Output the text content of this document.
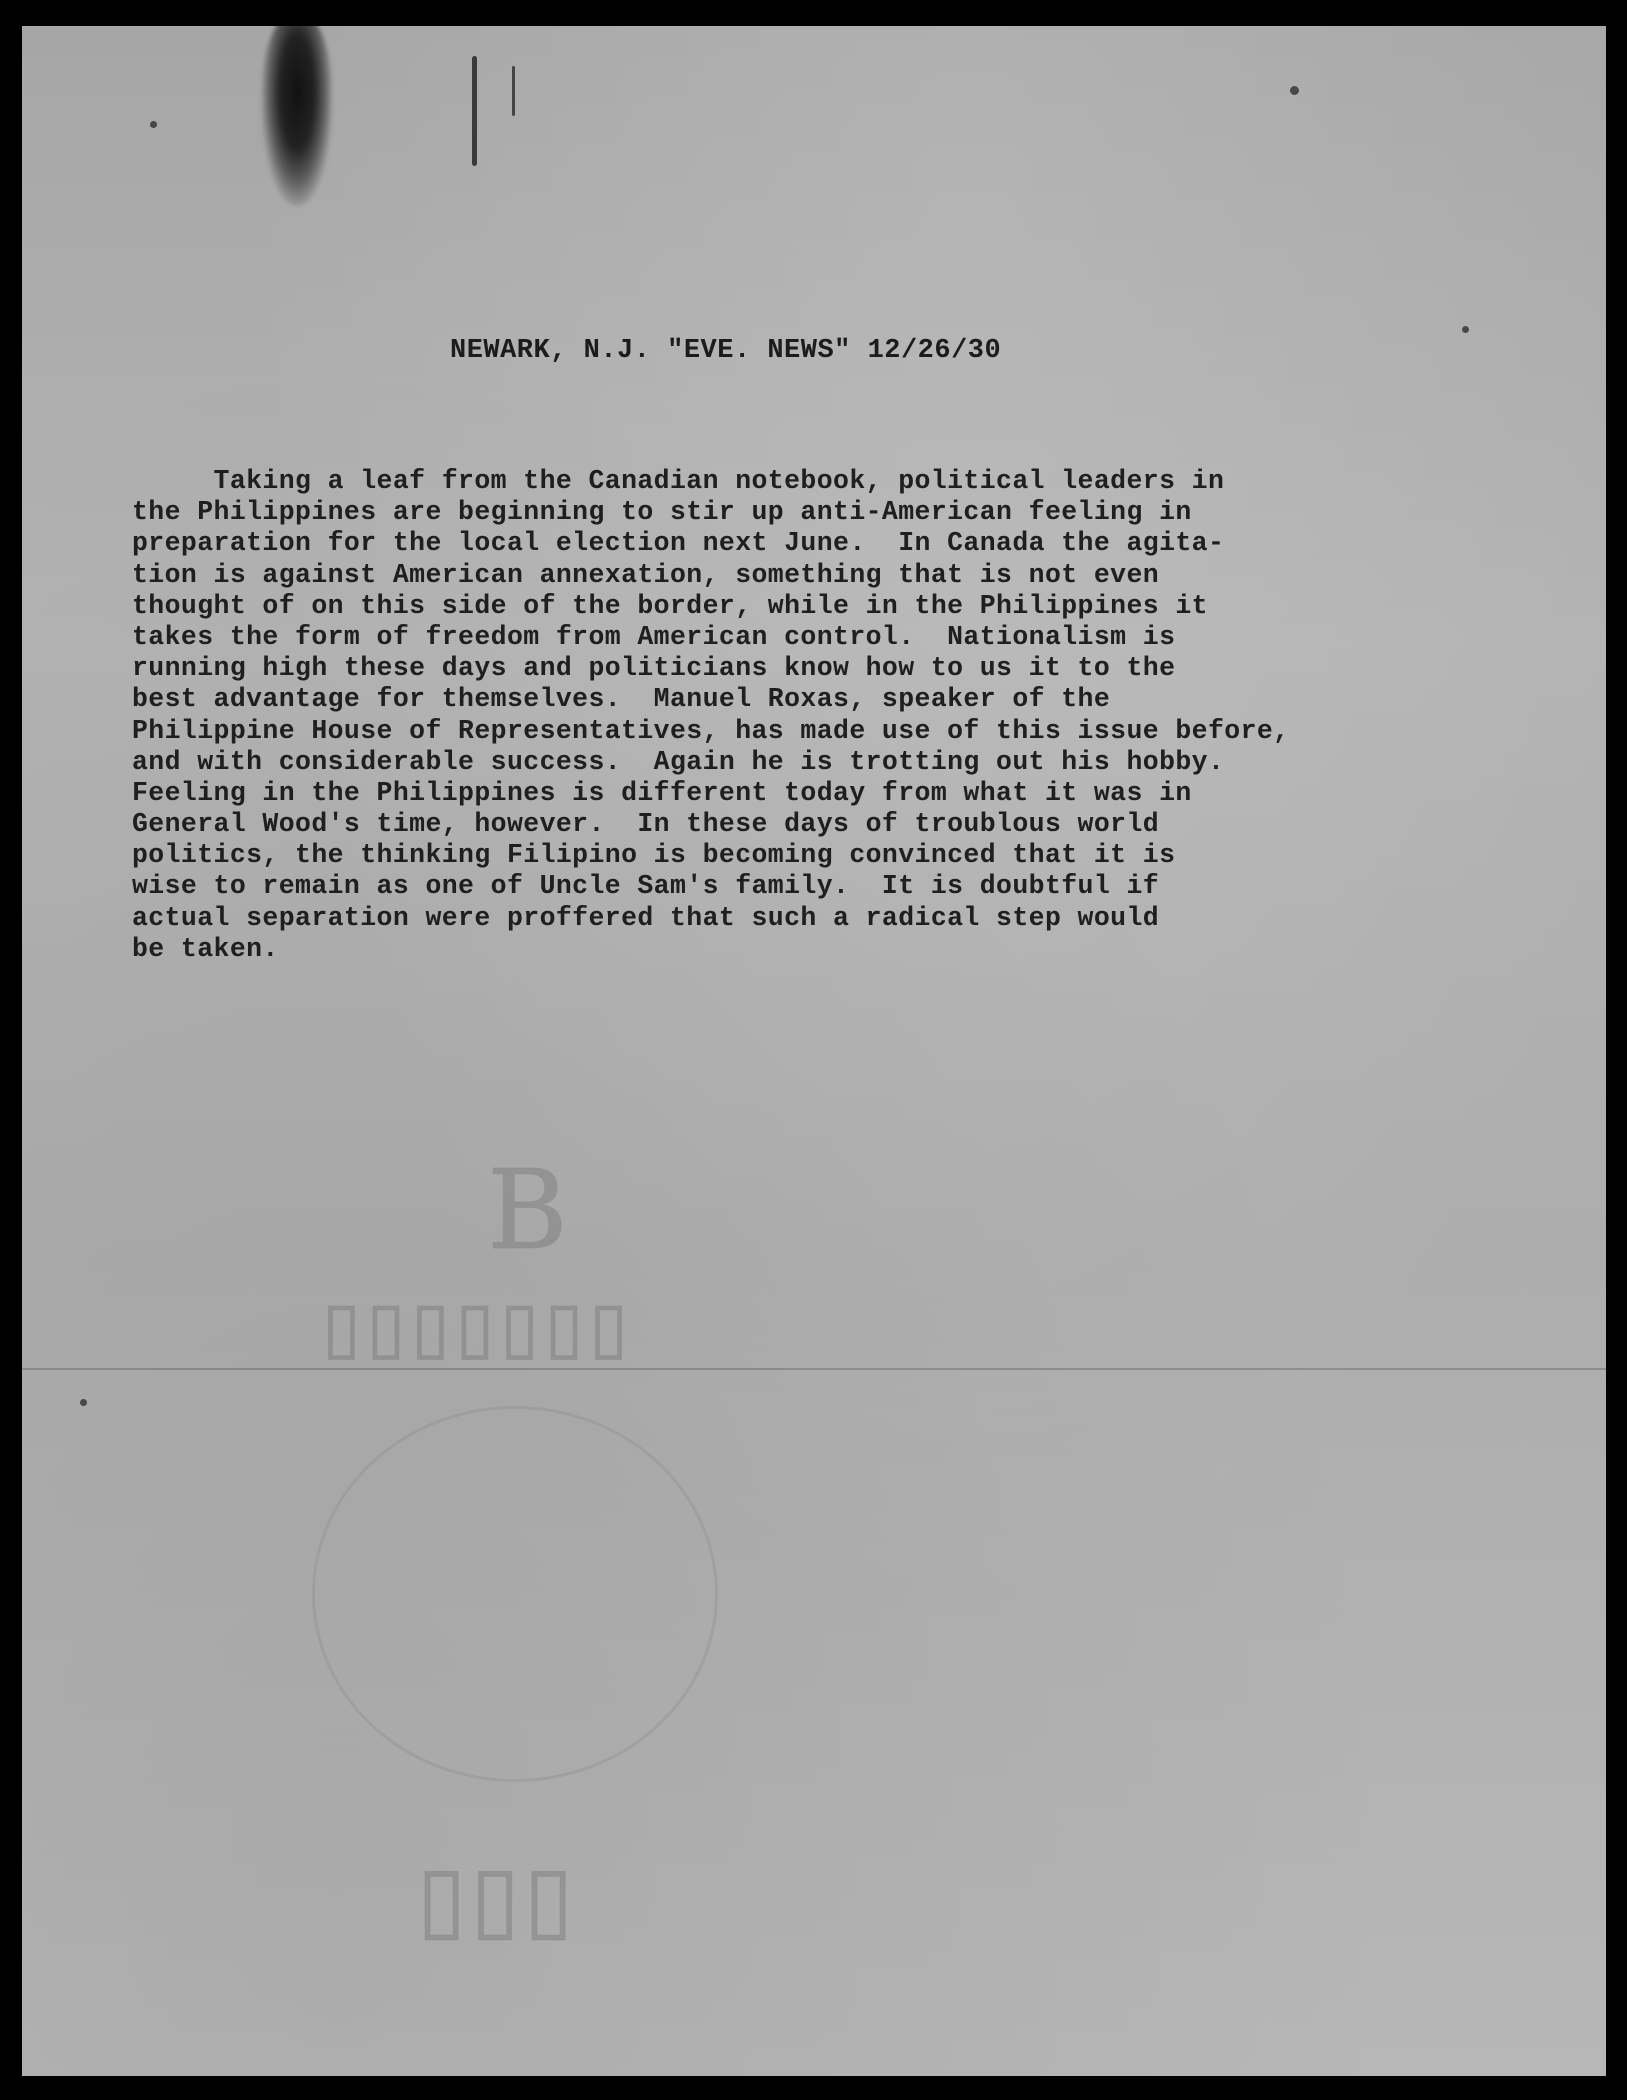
B
▯▯▯▯▯▯▯
▯▯▯
NEWARK, N.J. "EVE. NEWS" 12/26/30
Taking a leaf from the Canadian notebook, political leaders in
the Philippines are beginning to stir up anti-American feeling in
preparation for the local election next June.  In Canada the agita-
tion is against American annexation, something that is not even
thought of on this side of the border, while in the Philippines it
takes the form of freedom from American control.  Nationalism is
running high these days and politicians know how to us it to the
best advantage for themselves.  Manuel Roxas, speaker of the
Philippine House of Representatives, has made use of this issue before,
and with considerable success.  Again he is trotting out his hobby.
Feeling in the Philippines is different today from what it was in
General Wood's time, however.  In these days of troublous world
politics, the thinking Filipino is becoming convinced that it is
wise to remain as one of Uncle Sam's family.  It is doubtful if
actual separation were proffered that such a radical step would
be taken.
